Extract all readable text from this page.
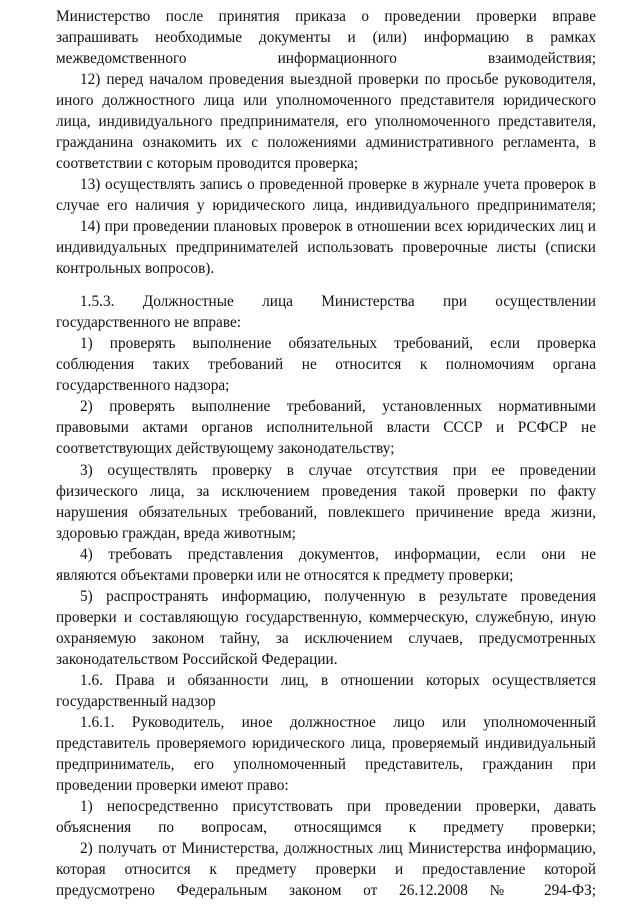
Министерство после принятия приказа о проведении проверки вправе
запрашивать необходимые документы и (или) информацию в рамках
межведомственного информационного взаимодействия;
12) перед началом проведения выездной проверки по просьбе руководителя,
иного должностного лица или уполномоченного представителя юридического
лица, индивидуального предпринимателя, его уполномоченного представителя,
гражданина ознакомить их с положениями административного регламента, в
соответствии с которым проводится проверка;
13) осуществлять запись о проведенной проверке в журнале учета проверок в
случае его наличия у юридического лица, индивидуального предпринимателя;
14) при проведении плановых проверок в отношении всех юридических лиц и
индивидуальных предпринимателей использовать проверочные листы (списки
контрольных вопросов).
1.5.3. Должностные лица Министерства при осуществлении
государственного не вправе:
1) проверять выполнение обязательных требований, если проверка
соблюдения таких требований не относится к полномочиям органа
государственного надзора;
2) проверять выполнение требований, установленных нормативными
правовыми актами органов исполнительной власти СССР и РСФСР не
соответствующих действующему законодательству;
3) осуществлять проверку в случае отсутствия при ее проведении
физического лица, за исключением проведения такой проверки по факту
нарушения обязательных требований, повлекшего причинение вреда жизни,
здоровью граждан, вреда животным;
4) требовать представления документов, информации, если они не
являются объектами проверки или не относятся к предмету проверки;
5) распространять информацию, полученную в результате проведения
проверки и составляющую государственную, коммерческую, служебную, иную
охраняемую законом тайну, за исключением случаев, предусмотренных
законодательством Российской Федерации.
1.6. Права и обязанности лиц, в отношении которых осуществляется
государственный надзор
1.6.1. Руководитель, иное должностное лицо или уполномоченный
представитель проверяемого юридического лица, проверяемый индивидуальный
предприниматель, его уполномоченный представитель, гражданин при
проведении проверки имеют право:
1) непосредственно присутствовать при проведении проверки, давать
объяснения по вопросам, относящимся к предмету проверки;
2) получать от Министерства, должностных лиц Министерства информацию,
которая относится к предмету проверки и предоставление которой
предусмотрено Федеральным законом от 26.12.2008 № 294-ФЗ;
